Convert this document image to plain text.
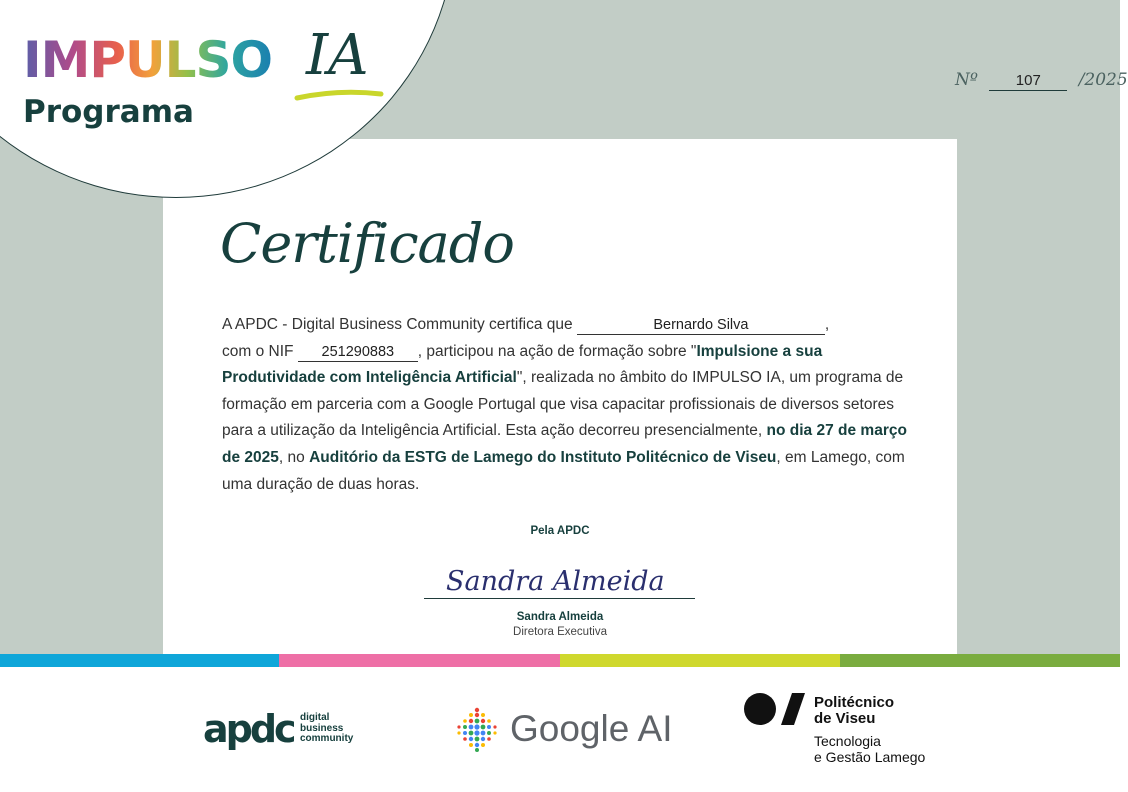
IMPULSO IA
Programa
Nº	107 /2025
Certificado
A APDC - Digital Business Community certifica que	Bernardo Silva	,
com o NIF 251290883 , participou na ação de formação sobre "Impulsione a sua Produtividade com Inteligência Artificial", realizada no âmbito do IMPULSO IA, um programa de formação em parceria com a Google Portugal que visa capacitar profissionais de diversos setores para a utilização da Inteligência Artificial. Esta ação decorreu presencialmente, no dia 27 de março de 2025, no Auditório da ESTG de Lamego do Instituto Politécnico de Viseu, em Lamego, com uma duração de duas horas.
Pela APDC
Sandra Almeida
Sandra Almeida
Diretora Executiva
apdc digital
business
community	Google AI
Politécnico
de Viseu
Tecnologia
e Gestão Lamego
